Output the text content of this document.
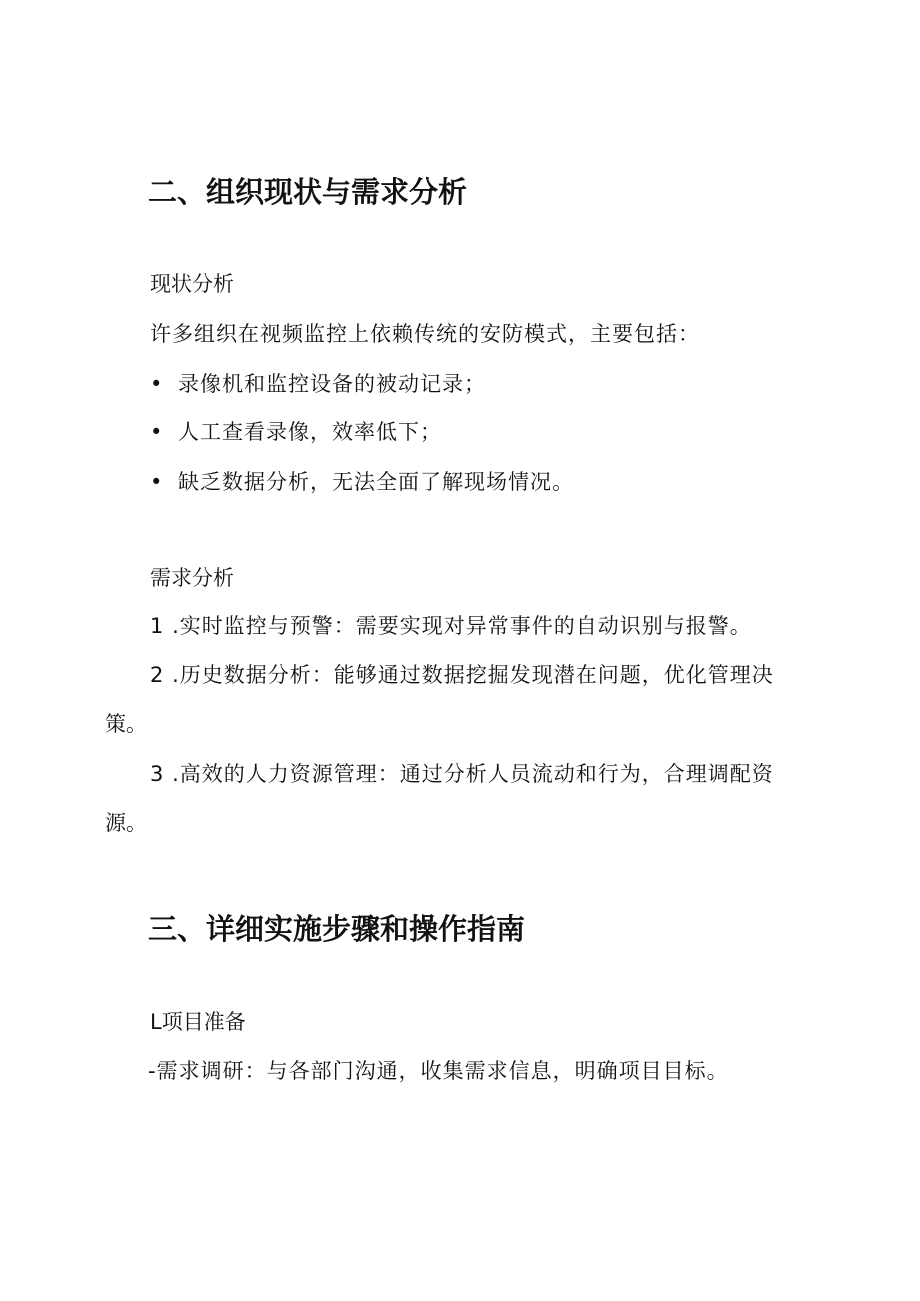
二、组织现状与需求分析
现状分析
许多组织在视频监控上依赖传统的安防模式，主要包括：
• 录像机和监控设备的被动记录；
• 人工查看录像，效率低下；
• 缺乏数据分析，无法全面了解现场情况。
需求分析
1 .实时监控与预警：需要实现对异常事件的自动识别与报警。
2 .历史数据分析：能够通过数据挖掘发现潜在问题，优化管理决
策。
3 .高效的人力资源管理：通过分析人员流动和行为，合理调配资
源。
三、详细实施步骤和操作指南
L项目准备
-需求调研：与各部门沟通，收集需求信息，明确项目目标。
